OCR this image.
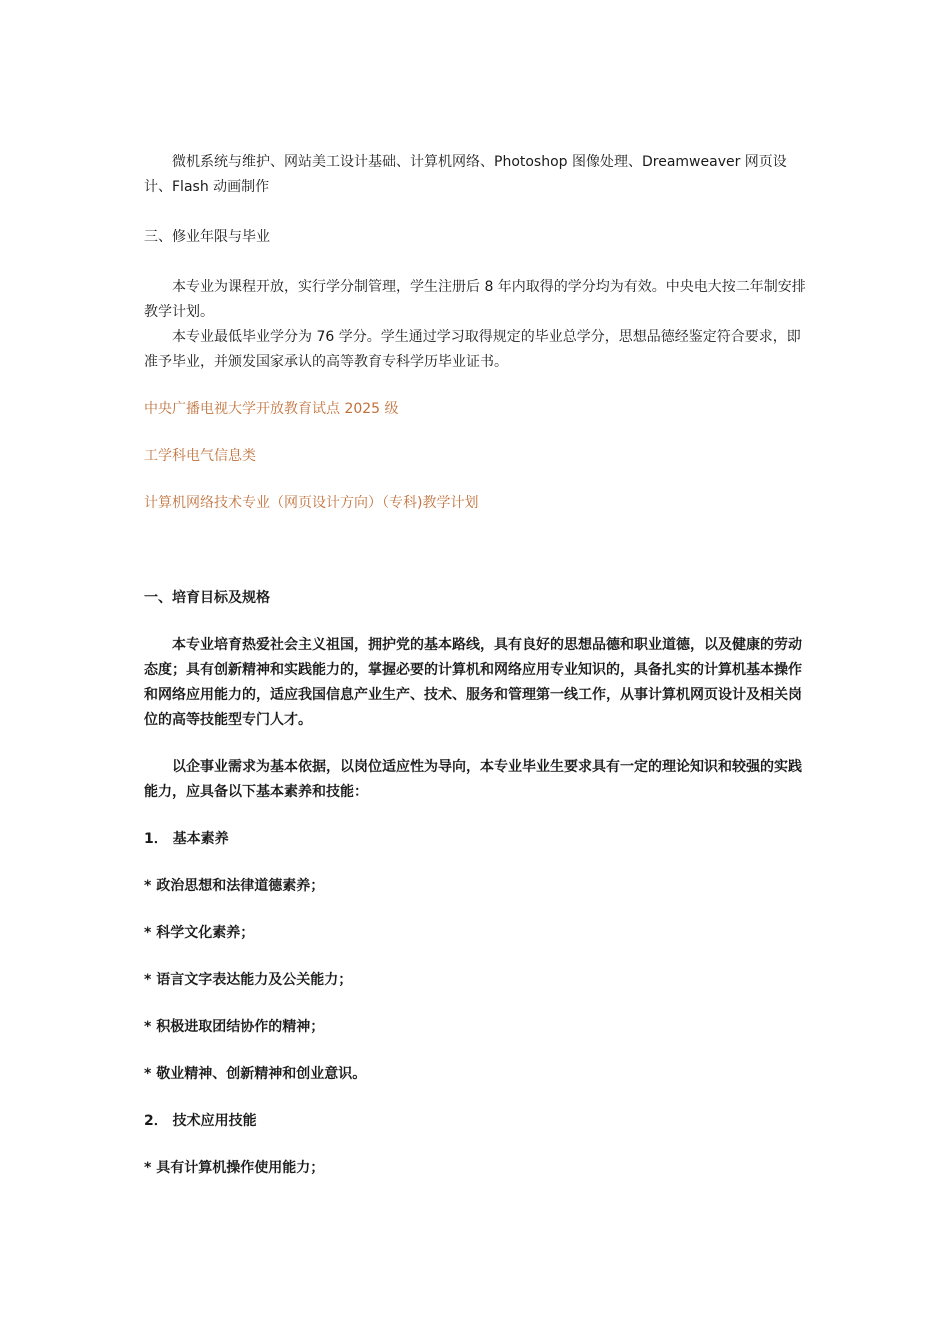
微机系统与维护、网站美工设计基础、计算机网络、Photoshop 图像处理、Dreamweaver 网页设计、Flash 动画制作

三、修业年限与毕业

本专业为课程开放，实行学分制管理，学生注册后 8 年内取得的学分均为有效。中央电大按二年制安排教学计划。

本专业最低毕业学分为 76 学分。学生通过学习取得规定的毕业总学分，思想品德经鉴定符合要求，即准予毕业，并颁发国家承认的高等教育专科学历毕业证书。

中央广播电视大学开放教育试点 2025 级

工学科电气信息类

计算机网络技术专业（网页设计方向）（专科)教学计划

一、培育目标及规格

本专业培育热爱社会主义祖国，拥护党的基本路线，具有良好的思想品德和职业道德，以及健康的劳动态度；具有创新精神和实践能力的，掌握必要的计算机和网络应用专业知识的，具备扎实的计算机基本操作和网络应用能力的，适应我国信息产业生产、技术、服务和管理第一线工作，从事计算机网页设计及相关岗位的高等技能型专门人才。

以企事业需求为基本依据，以岗位适应性为导向，本专业毕业生要求具有一定的理论知识和较强的实践能力，应具备以下基本素养和技能：

1． 基本素养

* 政治思想和法律道德素养；

* 科学文化素养；

* 语言文字表达能力及公关能力；

* 积极进取团结协作的精神；

* 敬业精神、创新精神和创业意识。

2． 技术应用技能

* 具有计算机操作使用能力；
